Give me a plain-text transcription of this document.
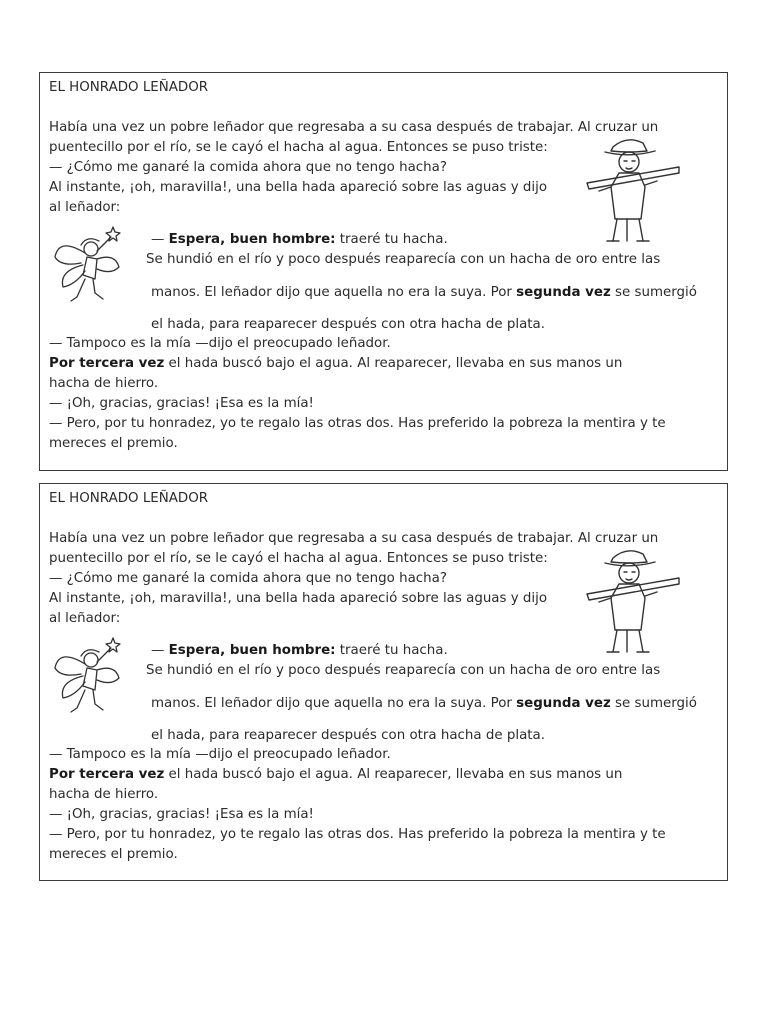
EL HONRADO LEÑADOR
Había una vez un pobre leñador que regresaba a su casa después de trabajar. Al cruzar un
puentecillo por el río, se le cayó el hacha al agua. Entonces se puso triste:
— ¿Cómo me ganaré la comida ahora que no tengo hacha?
Al instante, ¡oh, maravilla!, una bella hada apareció sobre las aguas y dijo
al leñador:
— Espera, buen hombre: traeré tu hacha.
Se hundió en el río y poco después reaparecía con un hacha de oro entre las
manos. El leñador dijo que aquella no era la suya. Por segunda vez se sumergió
el hada, para reaparecer después con otra hacha de plata.
— Tampoco es la mía —dijo el preocupado leñador.
Por tercera vez el hada buscó bajo el agua. Al reaparecer, llevaba en sus manos un
hacha de hierro.
— ¡Oh, gracias, gracias! ¡Esa es la mía!
— Pero, por tu honradez, yo te regalo las otras dos. Has preferido la pobreza la mentira y te
mereces el premio.
EL HONRADO LEÑADOR
Había una vez un pobre leñador que regresaba a su casa después de trabajar. Al cruzar un
puentecillo por el río, se le cayó el hacha al agua. Entonces se puso triste:
— ¿Cómo me ganaré la comida ahora que no tengo hacha?
Al instante, ¡oh, maravilla!, una bella hada apareció sobre las aguas y dijo
al leñador:
— Espera, buen hombre: traeré tu hacha.
Se hundió en el río y poco después reaparecía con un hacha de oro entre las
manos. El leñador dijo que aquella no era la suya. Por segunda vez se sumergió
el hada, para reaparecer después con otra hacha de plata.
— Tampoco es la mía —dijo el preocupado leñador.
Por tercera vez el hada buscó bajo el agua. Al reaparecer, llevaba en sus manos un
hacha de hierro.
— ¡Oh, gracias, gracias! ¡Esa es la mía!
— Pero, por tu honradez, yo te regalo las otras dos. Has preferido la pobreza la mentira y te
mereces el premio.
